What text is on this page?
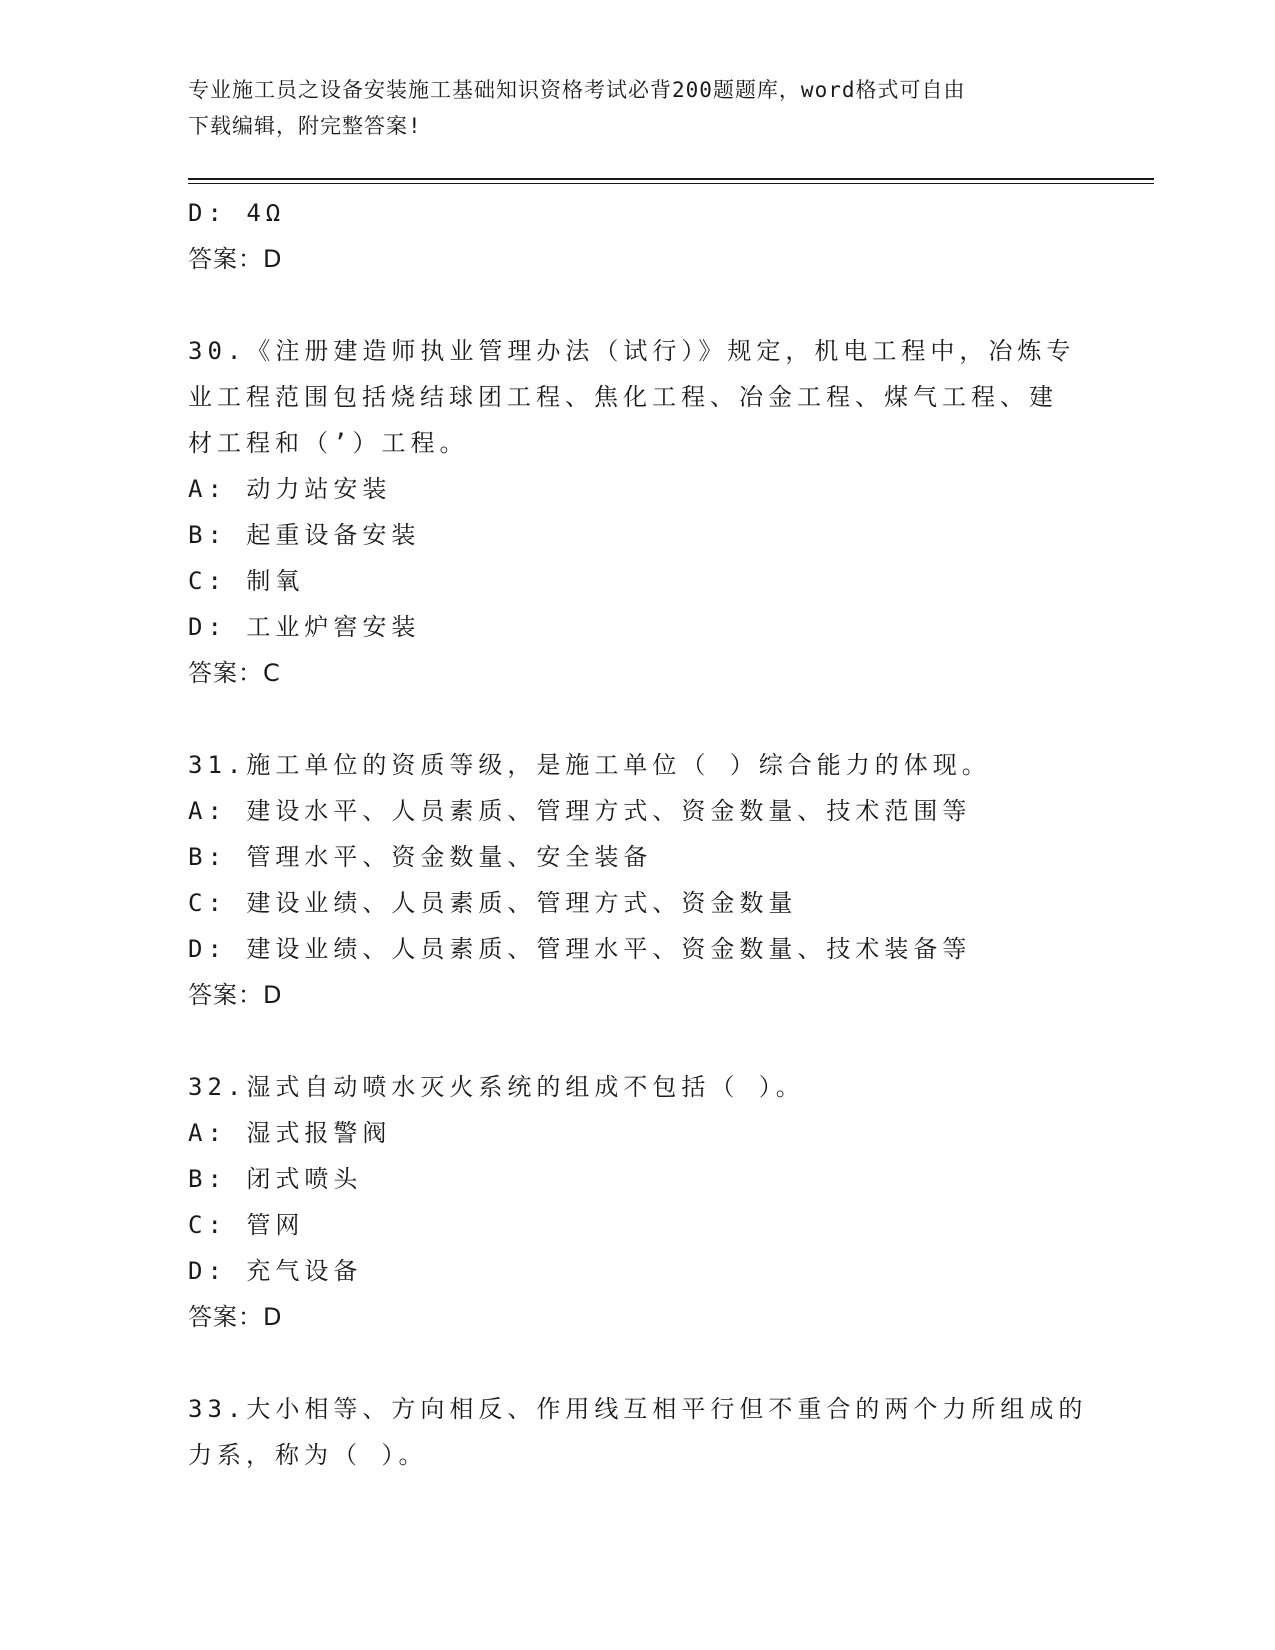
专业施工员之设备安装施工基础知识资格考试必背200题题库，word格式可自由
下载编辑，附完整答案!
D: 4Ω
答案：D
30.《注册建造师执业管理办法（试行）》规定，机电工程中，冶炼专
业工程范围包括烧结球团工程、焦化工程、冶金工程、煤气工程、建
材工程和（’）工程。
A: 动力站安装
B: 起重设备安装
C: 制氧
D: 工业炉窖安装
答案：C
31.施工单位的资质等级，是施工单位（ ）综合能力的体现。
A: 建设水平、人员素质、管理方式、资金数量、技术范围等
B: 管理水平、资金数量、安全装备
C: 建设业绩、人员素质、管理方式、资金数量
D: 建设业绩、人员素质、管理水平、资金数量、技术装备等
答案：D
32.湿式自动喷水灭火系统的组成不包括（ ）。
A: 湿式报警阀
B: 闭式喷头
C: 管网
D: 充气设备
答案：D
33.大小相等、方向相反、作用线互相平行但不重合的两个力所组成的
力系，称为（ ）。
